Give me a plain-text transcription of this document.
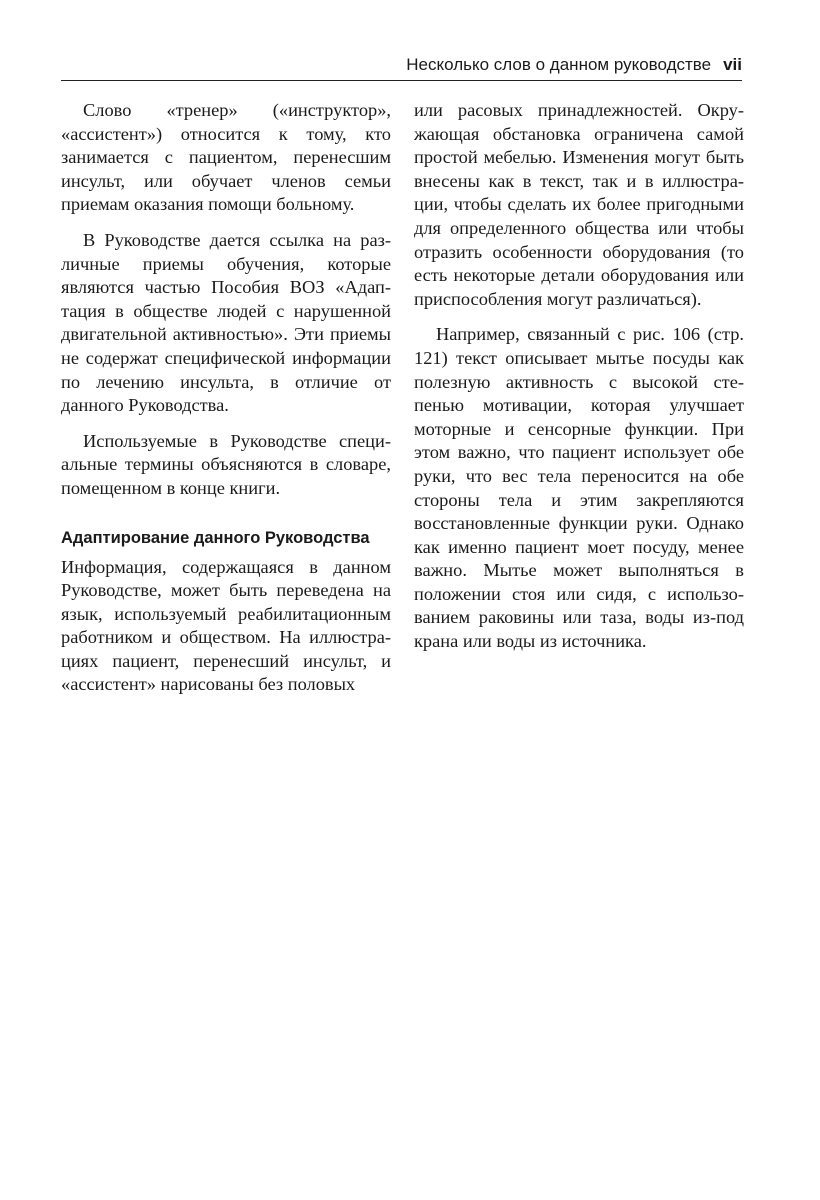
Несколько слов о данном руководстве vii

Слово «тренер» («инструктор», «ассистент») относится к тому, кто занимается с пациентом, перенесшим инсульт, или обучает членов семьи приемам оказания помощи больному.

В Руководстве дается ссылка на различные приемы обучения, которые являются частью Пособия ВОЗ «Адаптация в обществе людей с нарушенной двигательной активностью». Эти приемы не содержат специфической информации по лечению инсульта, в отличие от данного Руководства.

Используемые в Руководстве специальные термины объясняются в словаре, помещенном в конце книги.

Адаптирование данного Руководства

Информация, содержащаяся в данном Руководстве, может быть переведена на язык, используемый реабилитационным работником и обществом. На иллюстрациях пациент, перенесший инсульт, и «ассистент» нарисованы без половых

или расовых принадлежностей. Окружающая обстановка ограничена самой простой мебелью. Изменения могут быть внесены как в текст, так и в иллюстрации, чтобы сделать их более пригодными для определенного общества или чтобы отразить особенности оборудования (то есть некоторые детали оборудования или приспособления могут различаться).

Например, связанный с рис. 106 (стр. 121) текст описывает мытье посуды как полезную активность с высокой степенью мотивации, которая улучшает моторные и сенсорные функции. При этом важно, что пациент использует обе руки, что вес тела переносится на обе стороны тела и этим закрепляются восстановленные функции руки. Однако как именно пациент моет посуду, менее важно. Мытье может выполняться в положении стоя или сидя, с использованием раковины или таза, воды из-под крана или воды из источника.
